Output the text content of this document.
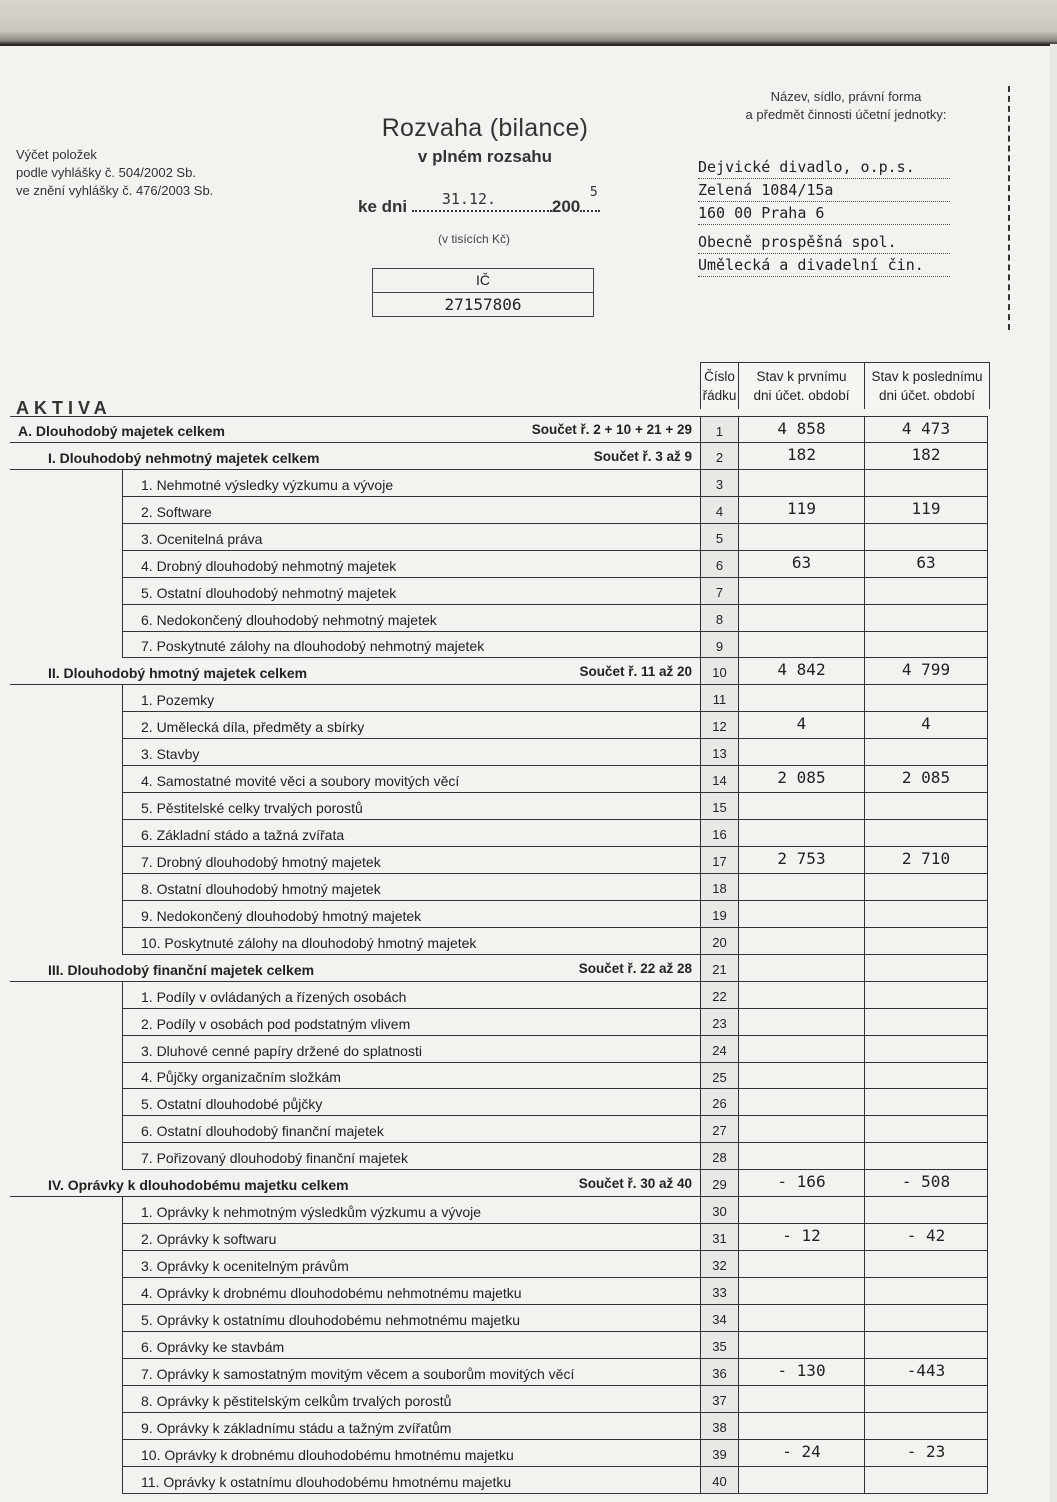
Výčet položek
podle vyhlášky č. 504/2002 Sb.
ve znění vyhlášky č. 476/2003 Sb.
Rozvaha (bilance)
v plném rozsahu
ke dni 31.12.	200
5
(v tisících Kč)
IČ
27157806
Název, sídlo, právní forma
a předmět činnosti účetní jednotky:
Dejvické divadlo, o.p.s.
Zelená 1084/15a
160 00 Praha 6
Obecně prospěšná spol.
Umělecká a divadelní čin.
AKTIVA
Číslo
řádku
Stav k prvnímu
dni účet. období
Stav k poslednímu
dni účet. období
A. Dlouhodobý majetek celkem	Součet ř. 2 + 10 + 21 + 29	1	4 858	4 473
I. Dlouhodobý nehmotný majetek celkem	Součet ř. 3 až 9	2	182	182
1. Nehmotné výsledky výzkumu a vývoje	3
2. Software	4	119	119
3. Ocenitelná práva	5
4. Drobný dlouhodobý nehmotný majetek	6	63	63
5. Ostatní dlouhodobý nehmotný majetek	7
6. Nedokončený dlouhodobý nehmotný majetek	8
7. Poskytnuté zálohy na dlouhodobý nehmotný majetek	9
II. Dlouhodobý hmotný majetek celkem	Součet ř. 11 až 20	10	4 842	4 799
1. Pozemky	11
2. Umělecká díla, předměty a sbírky	12	4	4
3. Stavby	13
4. Samostatné movité věci a soubory movitých věcí	14	2 085	2 085
5. Pěstitelské celky trvalých porostů	15
6. Základní stádo a tažná zvířata	16
7. Drobný dlouhodobý hmotný majetek	17	2 753	2 710
8. Ostatní dlouhodobý hmotný majetek	18
9. Nedokončený dlouhodobý hmotný majetek	19
10. Poskytnuté zálohy na dlouhodobý hmotný majetek	20
III. Dlouhodobý finanční majetek celkem	Součet ř. 22 až 28	21
1. Podíly v ovládaných a řízených osobách	22
2. Podíly v osobách pod podstatným vlivem	23
3. Dluhové cenné papíry držené do splatnosti	24
4. Půjčky organizačním složkám	25
5. Ostatní dlouhodobé půjčky	26
6. Ostatní dlouhodobý finanční majetek	27
7. Pořizovaný dlouhodobý finanční majetek	28
IV. Oprávky k dlouhodobému majetku celkem	Součet ř. 30 až 40	29	- 166	- 508
1. Oprávky k nehmotným výsledkům výzkumu a vývoje	30
2. Oprávky k softwaru	31	- 12	- 42
3. Oprávky k ocenitelným právům	32
4. Oprávky k drobnému dlouhodobému nehmotnému majetku	33
5. Oprávky k ostatnímu dlouhodobému nehmotnému majetku	34
6. Oprávky ke stavbám	35
7. Oprávky k samostatným movitým věcem a souborům movitých věcí	36	- 130	-443
8. Oprávky k pěstitelským celkům trvalých porostů	37
9. Oprávky k základnímu stádu a tažným zvířatům	38
10. Oprávky k drobnému dlouhodobému hmotnému majetku	39	- 24	- 23
11. Oprávky k ostatnímu dlouhodobému hmotnému majetku	40
